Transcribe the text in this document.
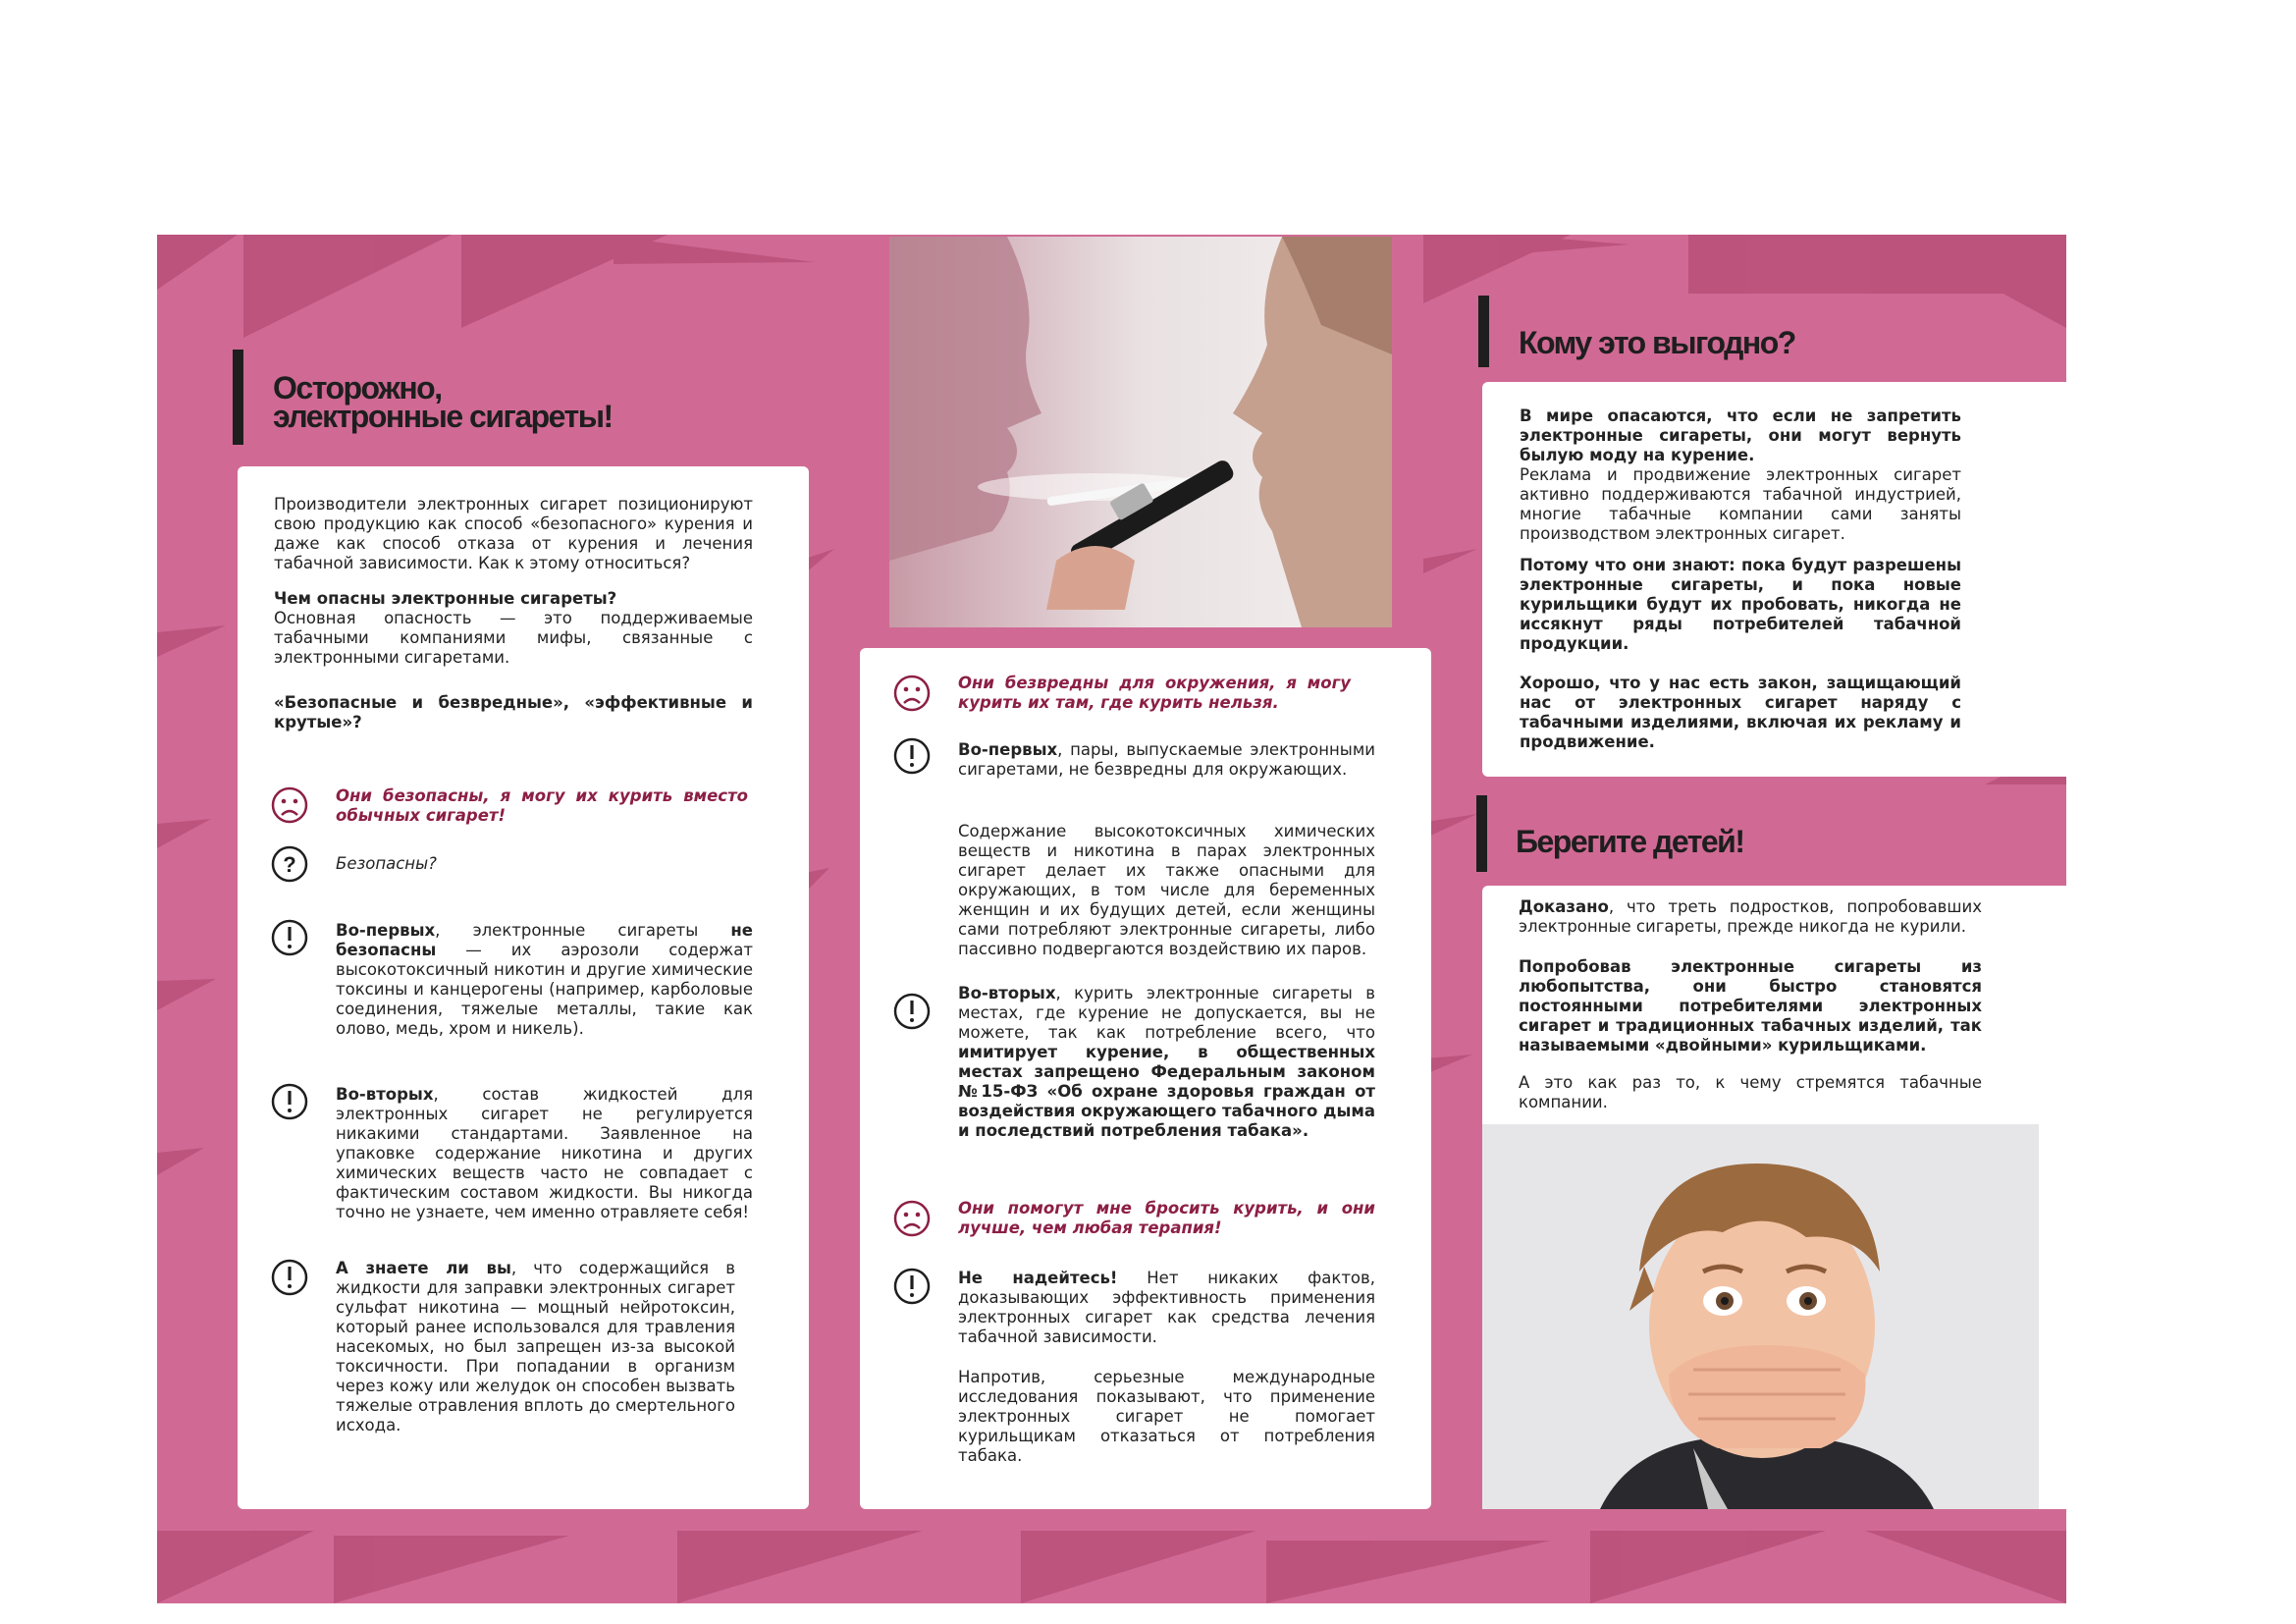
Осторожно,
электронные сигареты!

Производители электронных сигарет позиционируют свою продукцию как способ «безопасного» курения и даже как способ отказа от курения и лечения табачной зависимости. Как к этому относиться?

Чем опасны электронные сигареты?
Основная опасность — это поддерживаемые табачными компаниями мифы, связанные с электронными сигаретами.

«Безопасные и безвредные», «эффективные и крутые»?

Они безопасны, я могу их курить вместо обычных сигарет!

? Безопасны?

Во-первых, электронные сигареты не безопасны — их аэрозоли содержат высокотоксичный никотин и другие химические токсины и канцерогены (например, карболовые соединения, тяжелые металлы, такие как олово, медь, хром и никель).

Во-вторых, состав жидкостей для электронных сигарет не регулируется никакими стандартами. Заявленное на упаковке содержание никотина и других химических веществ часто не совпадает с фактическим составом жидкости. Вы никогда точно не узнаете, чем именно отравляете себя!

А знаете ли вы, что содержащийся в жидкости для заправки электронных сигарет сульфат никотина — мощный нейротоксин, который ранее использовался для травления насекомых, но был запрещен из-за высокой токсичности. При попадании в организм через кожу или желудок он способен вызвать тяжелые отравления вплоть до смертельного исхода.

Они безвредны для окружения, я могу курить их там, где курить нельзя.

Во-первых, пары, выпускаемые электронными сигаретами, не безвредны для окружающих.

Содержание высокотоксичных химических веществ и никотина в парах электронных сигарет делает их также опасными для окружающих, в том числе для беременных женщин и их будущих детей, если женщины сами потребляют электронные сигареты, либо пассивно подвергаются воздействию их паров.

Во-вторых, курить электронные сигареты в местах, где курение не допускается, вы не можете, так как потребление всего, что имитирует курение, в общественных местах запрещено Федеральным законом №15-ФЗ «Об охране здоровья граждан от воздействия окружающего табачного дыма и последствий потребления табака».

Они помогут мне бросить курить, и они лучше, чем любая терапия!

Не надейтесь! Нет никаких фактов, доказывающих эффективность применения электронных сигарет как средства лечения табачной зависимости.

Напротив, серьезные международные исследования показывают, что применение электронных сигарет не помогает курильщикам отказаться от потребления табака.

Кому это выгодно?

В мире опасаются, что если не запретить электронные сигареты, они могут вернуть былую моду на курение.
Реклама и продвижение электронных сигарет активно поддерживаются табачной индустрией, многие табачные компании сами заняты производством электронных сигарет.

Потому что они знают: пока будут разрешены электронные сигареты, и пока новые курильщики будут их пробовать, никогда не иссякнут ряды потребителей табачной продукции.

Хорошо, что у нас есть закон, защищающий нас от электронных сигарет наряду с табачными изделиями, включая их рекламу и продвижение.

Берегите детей!

Доказано, что треть подростков, попробовавших электронные сигареты, прежде никогда не курили.

Попробовав электронные сигареты из любопытства, они быстро становятся постоянными потребителями электронных сигарет и традиционных табачных изделий, так называемыми «двойными» курильщиками.

А это как раз то, к чему стремятся табачные компании.
